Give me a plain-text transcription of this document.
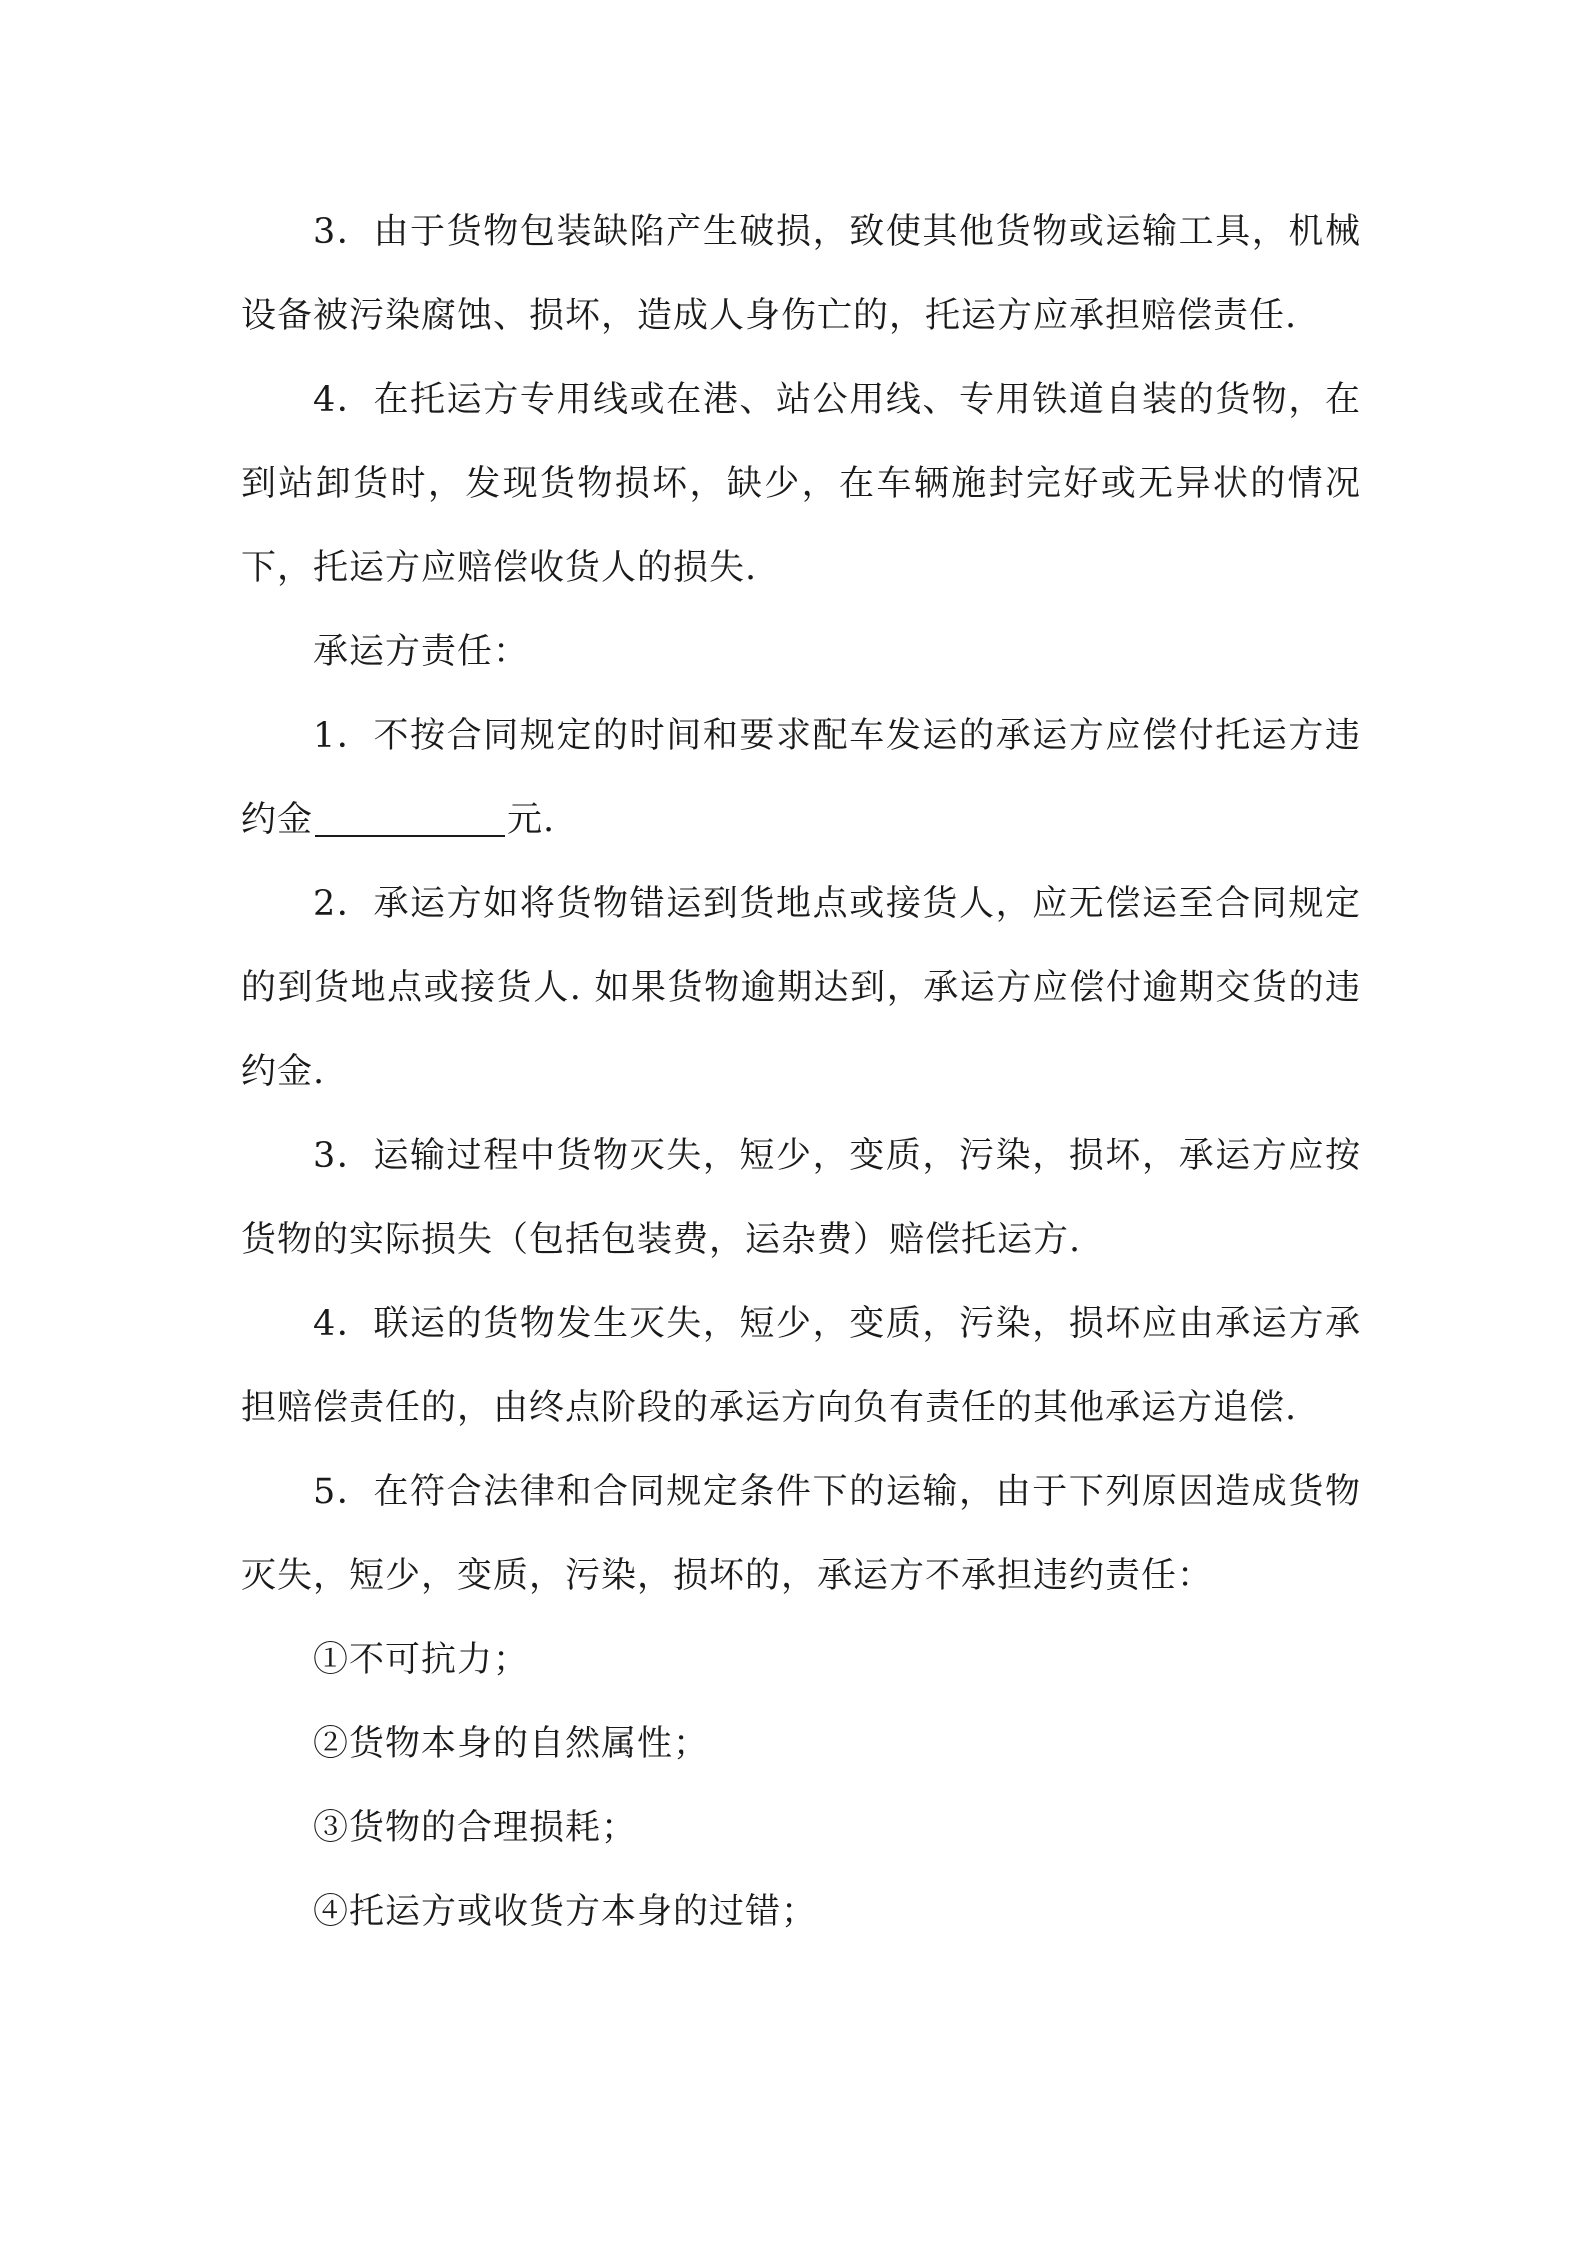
3．由于货物包装缺陷产生破损，致使其他货物或运输工具，机械设备被污染腐蚀、损坏，造成人身伤亡的，托运方应承担赔偿责任.

4．在托运方专用线或在港、站公用线、专用铁道自装的货物，在到站卸货时，发现货物损坏，缺少，在车辆施封完好或无异状的情况下，托运方应赔偿收货人的损失.

承运方责任：

1．不按合同规定的时间和要求配车发运的承运方应偿付托运方违约金	元.

2．承运方如将货物错运到货地点或接货人，应无偿运至合同规定的到货地点或接货人. 如果货物逾期达到，承运方应偿付逾期交货的违约金.

3．运输过程中货物灭失，短少，变质，污染，损坏，承运方应按货物的实际损失（包括包装费，运杂费）赔偿托运方.

4．联运的货物发生灭失，短少，变质，污染，损坏应由承运方承担赔偿责任的，由终点阶段的承运方向负有责任的其他承运方追偿.

5．在符合法律和合同规定条件下的运输，由于下列原因造成货物灭失，短少，变质，污染，损坏的，承运方不承担违约责任：

①不可抗力；

②货物本身的自然属性；

③货物的合理损耗；

④托运方或收货方本身的过错；
